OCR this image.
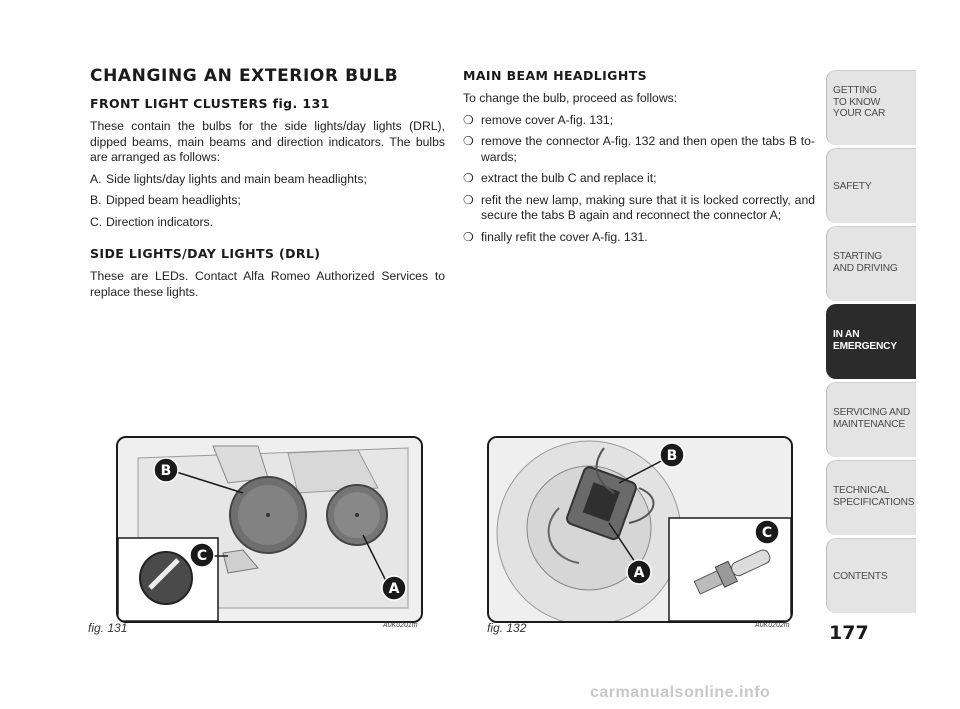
CHANGING AN EXTERIOR BULB
FRONT LIGHT CLUSTERS fig. 131

These contain the bulbs for the side lights/day lights (DRL), dipped beams, main beams and direction indicators. The bulbs are arranged as follows:

A. Side lights/day lights and main beam headlights;
B. Dipped beam headlights;
C. Direction indicators.
SIDE LIGHTS/DAY LIGHTS (DRL)

These are LEDs. Contact Alfa Romeo Authorized Services to replace these lights.

MAIN BEAM HEADLIGHTS

To change the bulb, proceed as follows:

❍ remove cover A-fig. 131;
❍ remove the connector A-fig. 132 and then open the tabs B to-wards;
❍ extract the bulb C and replace it;
❍ refit the new lamp, making sure that it is locked correctly, and secure the tabs B again and reconnect the connector A;
❍ finally refit the cover A-fig. 131.
B
C
A
fig. 131	A0K0201m
B
C
A
fig. 132	A0K0202m
GETTING
TO KNOW
YOUR CAR
SAFETY
STARTING
AND DRIVING
IN AN
EMERGENCY
SERVICING AND
MAINTENANCE
TECHNICAL
SPECIFICATIONS
CONTENTS
177
carmanualsonline.info
